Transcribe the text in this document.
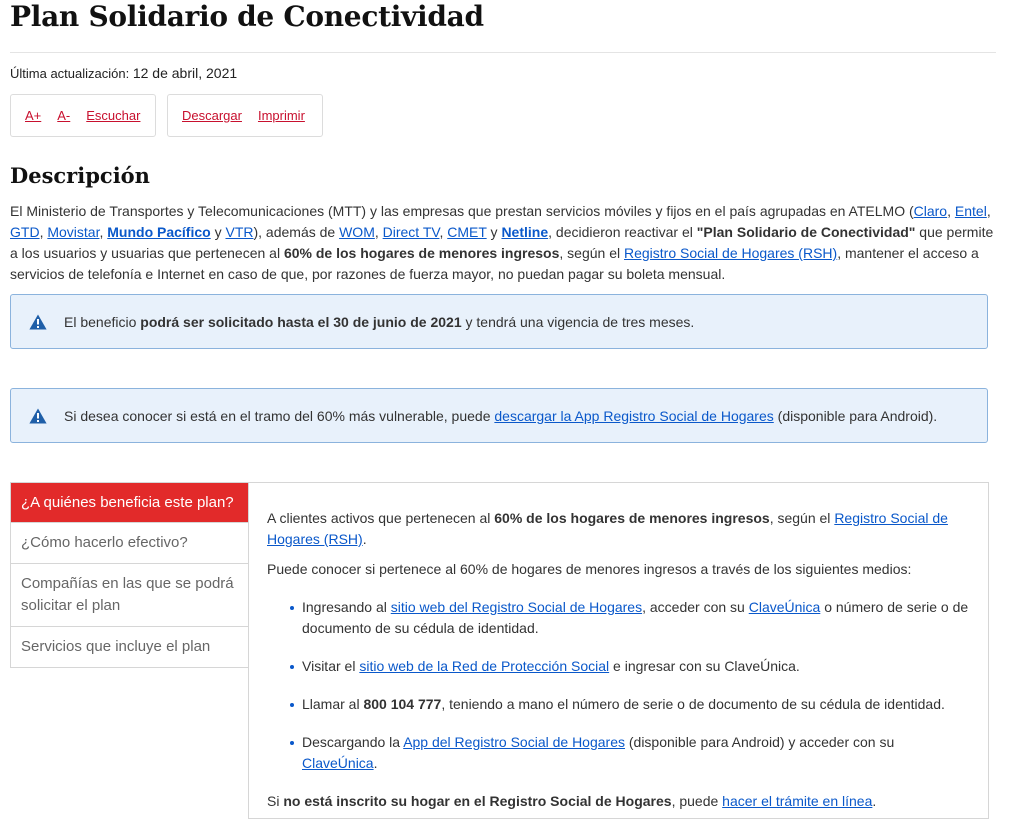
Plan Solidario de Conectividad
Última actualización: 12 de abril, 2021
A+ A- Escuchar	Descargar Imprimir
Descripción

El Ministerio de Transportes y Telecomunicaciones (MTT) y las empresas que prestan servicios móviles y fijos en el país agrupadas en ATELMO (Claro, Entel, GTD, Movistar, Mundo Pacífico y VTR), además de WOM, Direct TV, CMET y Netline, decidieron reactivar el "Plan Solidario de Conectividad" que permite a los usuarios y usuarias que pertenecen al 60% de los hogares de menores ingresos, según el Registro Social de Hogares (RSH), mantener el acceso a servicios de telefonía e Internet en caso de que, por razones de fuerza mayor, no puedan pagar su boleta mensual.

El beneficio podrá ser solicitado hasta el 30 de junio de 2021 y tendrá una vigencia de tres meses.
Si desea conocer si está en el tramo del 60% más vulnerable, puede descargar la App Registro Social de Hogares (disponible para Android).
¿A quiénes beneficia este plan?
¿Cómo hacerlo efectivo?
Compañías en las que se podrá solicitar el plan
Servicios que incluye el plan

A clientes activos que pertenecen al 60% de los hogares de menores ingresos, según el Registro Social de Hogares (RSH).

Puede conocer si pertenece al 60% de hogares de menores ingresos a través de los siguientes medios:

Ingresando al sitio web del Registro Social de Hogares, acceder con su ClaveÚnica o número de serie o de documento de su cédula de identidad.
Visitar el sitio web de la Red de Protección Social e ingresar con su ClaveÚnica.
Llamar al 800 104 777, teniendo a mano el número de serie o de documento de su cédula de identidad.
Descargando la App del Registro Social de Hogares (disponible para Android) y acceder con su ClaveÚnica.

Si no está inscrito su hogar en el Registro Social de Hogares, puede hacer el trámite en línea.
